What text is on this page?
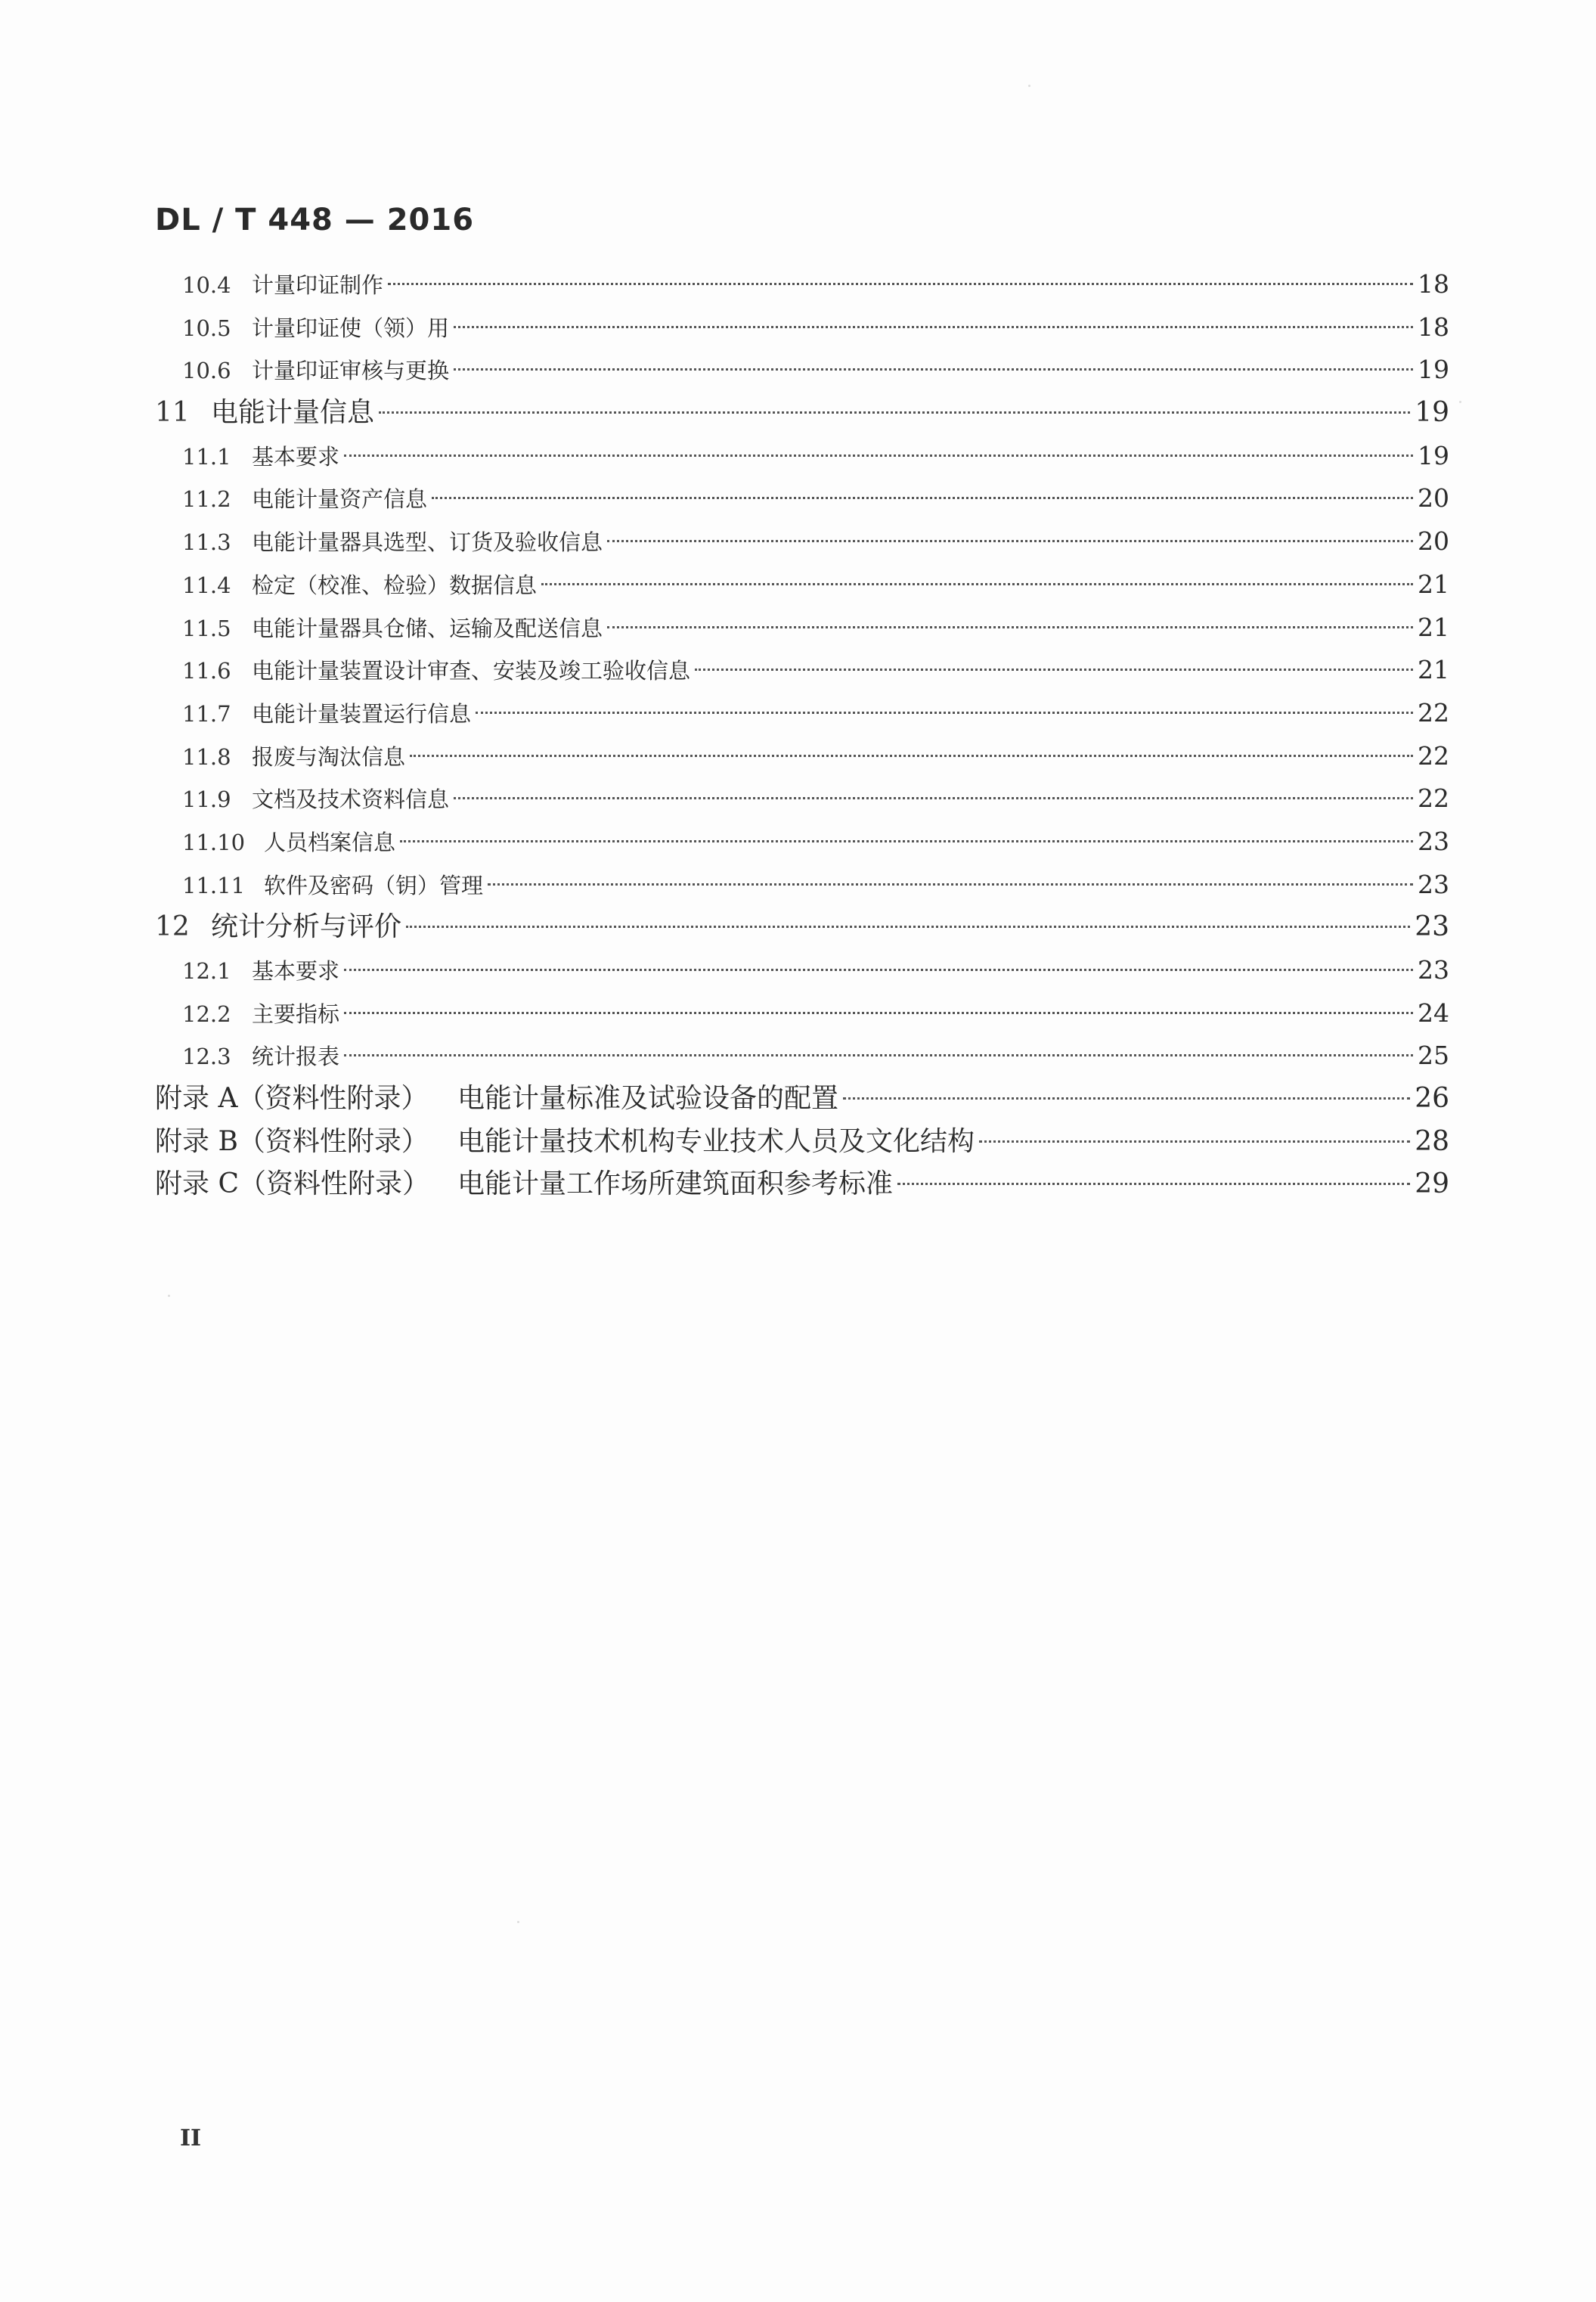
DL / T 448 — 2016
10.4 计量印证制作	18
10.5 计量印证使（领）用	18
10.6 计量印证审核与更换	19
11 电能计量信息	19
11.1 基本要求	19
11.2 电能计量资产信息	20
11.3 电能计量器具选型、订货及验收信息	20
11.4 检定（校准、检验）数据信息	21
11.5 电能计量器具仓储、运输及配送信息	21
11.6 电能计量装置设计审查、安装及竣工验收信息	21
11.7 电能计量装置运行信息	22
11.8 报废与淘汰信息	22
11.9 文档及技术资料信息	22
11.10 人员档案信息	23
11.11 软件及密码（钥）管理	23
12 统计分析与评价	23
12.1 基本要求	23
12.2 主要指标	24
12.3 统计报表	25
附录 A（资料性附录）	电能计量标准及试验设备的配置	26
附录 B（资料性附录）	电能计量技术机构专业技术人员及文化结构	28
附录 C（资料性附录）	电能计量工作场所建筑面积参考标准	29
II
